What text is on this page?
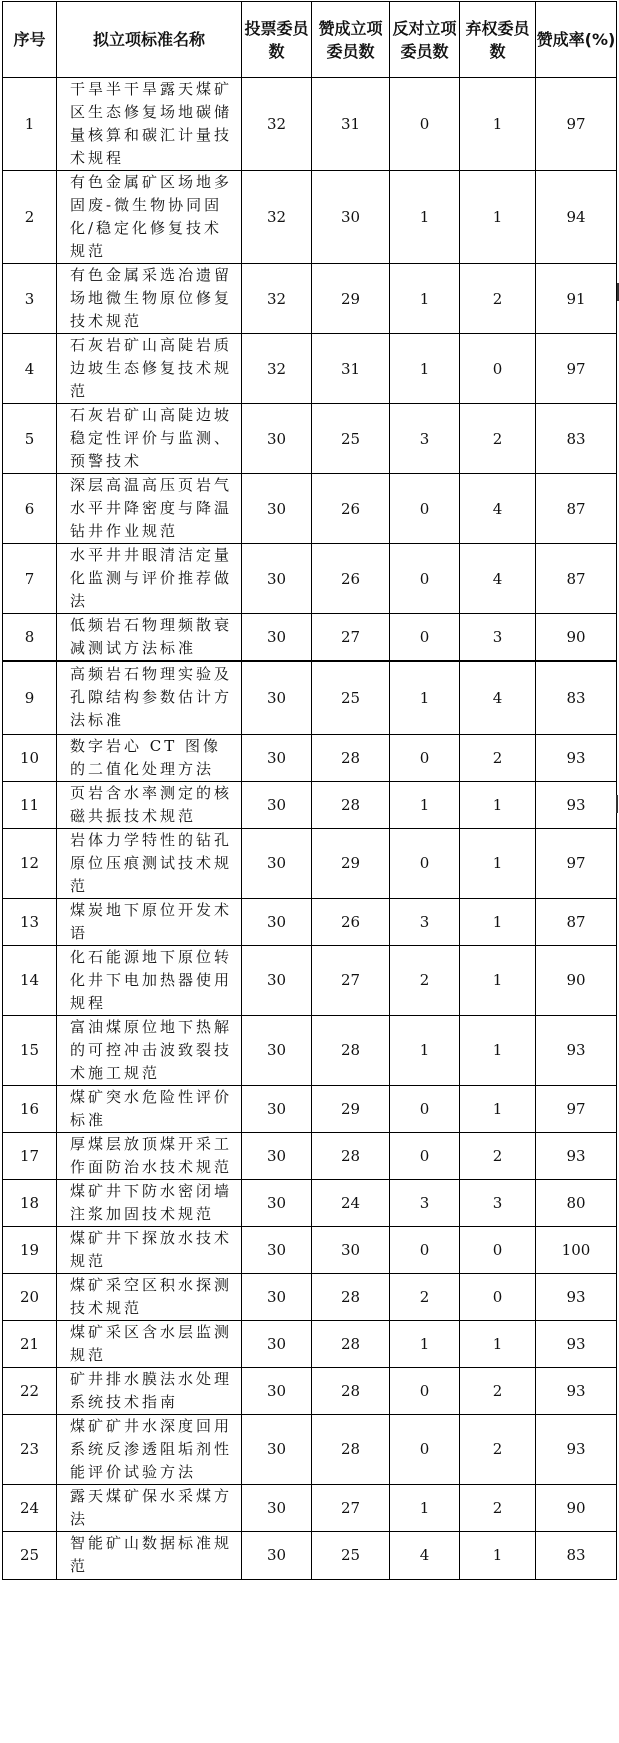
序号	拟立项标准名称	投票委员数	赞成立项委员数	反对立项委员数	弃权委员数	赞成率(%)
1	干旱半干旱露天煤矿区生态修复场地碳储量核算和碳汇计量技术规程	32	31	0	1	97
2	有色金属矿区场地多固废-微生物协同固化/稳定化修复技术规范	32	30	1	1	94
3	有色金属采选冶遗留场地微生物原位修复技术规范	32	29	1	2	91
4	石灰岩矿山高陡岩质边坡生态修复技术规范	32	31	1	0	97
5	石灰岩矿山高陡边坡稳定性评价与监测、预警技术	30	25	3	2	83
6	深层高温高压页岩气水平井降密度与降温钻井作业规范	30	26	0	4	87
7	水平井井眼清洁定量化监测与评价推荐做法	30	26	0	4	87
8	低频岩石物理频散衰减测试方法标准	30	27	0	3	90
9	高频岩石物理实验及孔隙结构参数估计方法标准	30	25	1	4	83
10	数字岩心 CT 图像的二值化处理方法	30	28	0	2	93
11	页岩含水率测定的核磁共振技术规范	30	28	1	1	93
12	岩体力学特性的钻孔原位压痕测试技术规范	30	29	0	1	97
13	煤炭地下原位开发术语	30	26	3	1	87
14	化石能源地下原位转化井下电加热器使用规程	30	27	2	1	90
15	富油煤原位地下热解的可控冲击波致裂技术施工规范	30	28	1	1	93
16	煤矿突水危险性评价标准	30	29	0	1	97
17	厚煤层放顶煤开采工作面防治水技术规范	30	28	0	2	93
18	煤矿井下防水密闭墙注浆加固技术规范	30	24	3	3	80
19	煤矿井下探放水技术规范	30	30	0	0	100
20	煤矿采空区积水探测技术规范	30	28	2	0	93
21	煤矿采区含水层监测规范	30	28	1	1	93
22	矿井排水膜法水处理系统技术指南	30	28	0	2	93
23	煤矿矿井水深度回用系统反渗透阻垢剂性能评价试验方法	30	28	0	2	93
24	露天煤矿保水采煤方法	30	27	1	2	90
25	智能矿山数据标准规范	30	25	4	1	83
